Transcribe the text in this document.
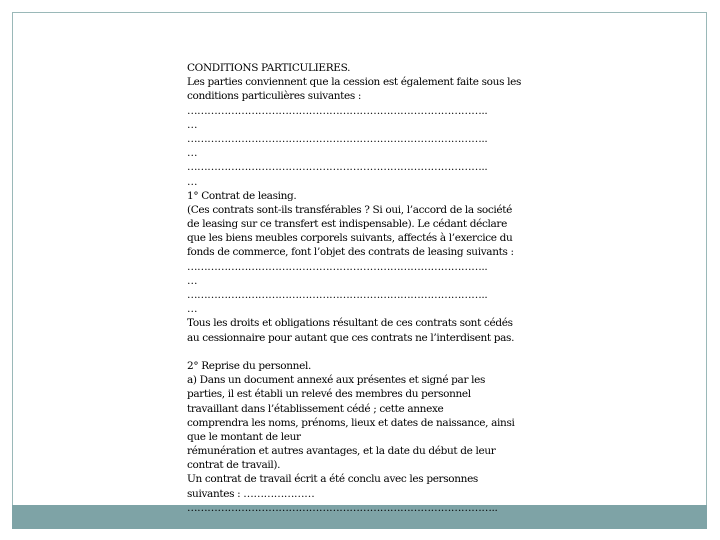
CONDITIONS PARTICULIERES.
Les parties conviennent que la cession est également faite sous les
conditions particulières suivantes :
……………………………………………………………………………..
…
……………………………………………………………………………..
…
……………………………………………………………………………..
…
1° Contrat de leasing.
(Ces contrats sont-ils transférables ? Si oui, l’accord de la société
de leasing sur ce transfert est indispensable). Le cédant déclare
que les biens meubles corporels suivants, affectés à l’exercice du
fonds de commerce, font l’objet des contrats de leasing suivants :
……………………………………………………………………………..
…
……………………………………………………………………………..
…
Tous les droits et obligations résultant de ces contrats sont cédés
au cessionnaire pour autant que ces contrats ne l’interdisent pas.
2° Reprise du personnel.
a) Dans un document annexé aux présentes et signé par les
parties, il est établi un relevé des membres du personnel
travaillant dans l’établissement cédé ; cette annexe
comprendra les noms, prénoms, lieux et dates de naissance, ainsi
que le montant de leur
rémunération et autres avantages, et la date du début de leur
contrat de travail).
Un contrat de travail écrit a été conclu avec les personnes
suivantes : …………………
………………………………………………………………………………..
